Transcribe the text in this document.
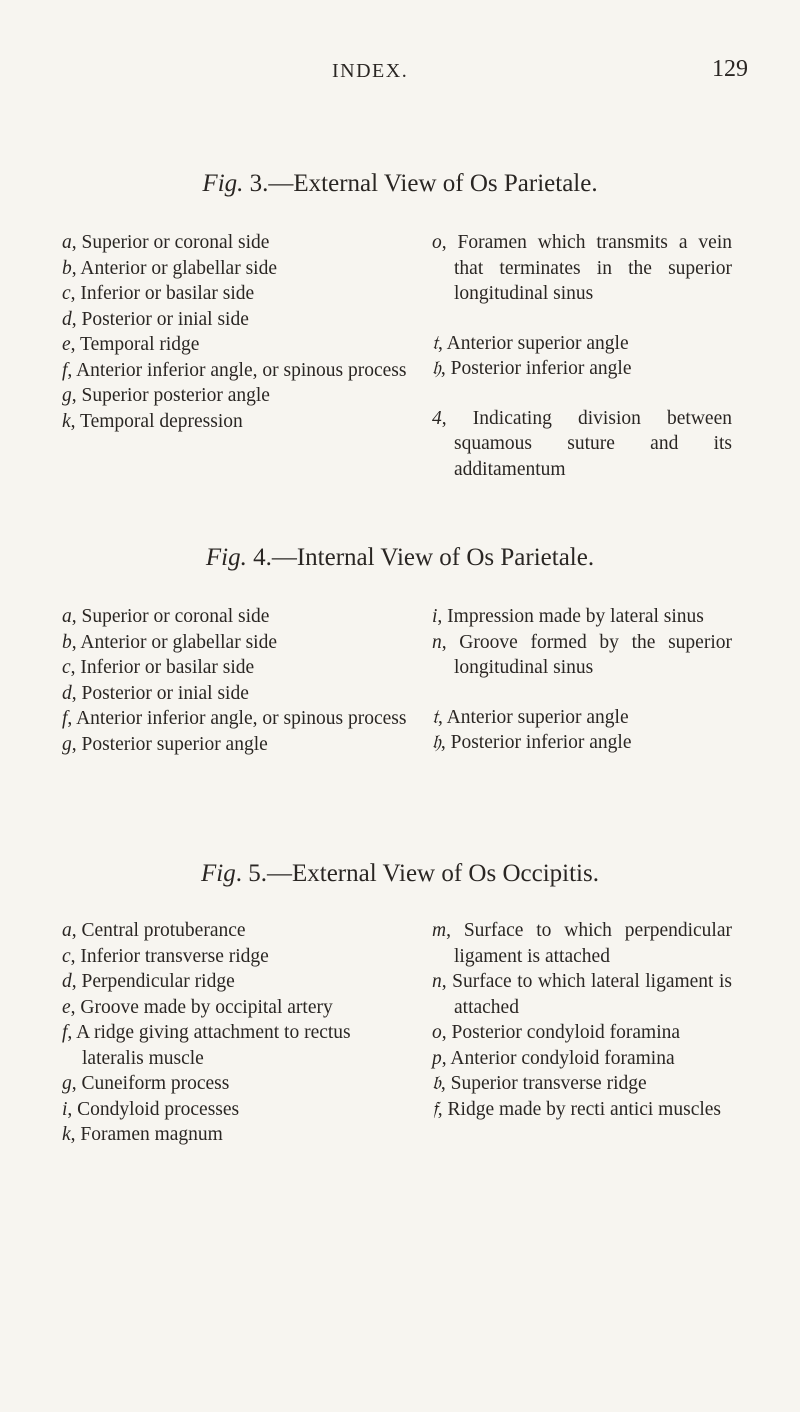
INDEX.	129
Fig. 3.—External View of Os Parietale.

a, Superior or coronal side

b, Anterior or glabellar side

c, Inferior or basilar side

d, Posterior or inial side

e, Temporal ridge

f, Anterior inferior angle, or spinous process

g, Superior posterior angle

k, Temporal depression

o, Foramen which transmits a vein that terminates in the superior longitudinal sinus

𝔱, Anterior superior angle

𝔥, Posterior inferior angle

4, Indicating division between squamous suture and its additamentum

Fig. 4.—Internal View of Os Parietale.

a, Superior or coronal side

b, Anterior or glabellar side

c, Inferior or basilar side

d, Posterior or inial side

f, Anterior inferior angle, or spinous process

g, Posterior superior angle

i, Impression made by lateral sinus

n, Groove formed by the superior longitudinal sinus

𝔱, Anterior superior angle

𝔥, Posterior inferior angle

Fig. 5.—External View of Os Occipitis.

a, Central protuberance

c, Inferior transverse ridge

d, Perpendicular ridge

e, Groove made by occipital artery

f, A ridge giving attachment to rectus lateralis muscle

g, Cuneiform process

i, Condyloid processes

k, Foramen magnum

m, Surface to which perpendicular ligament is attached

n, Surface to which lateral ligament is attached

o, Posterior condyloid foramina

p, Anterior condyloid foramina

𝔟, Superior transverse ridge

𝔣, Ridge made by recti antici muscles
